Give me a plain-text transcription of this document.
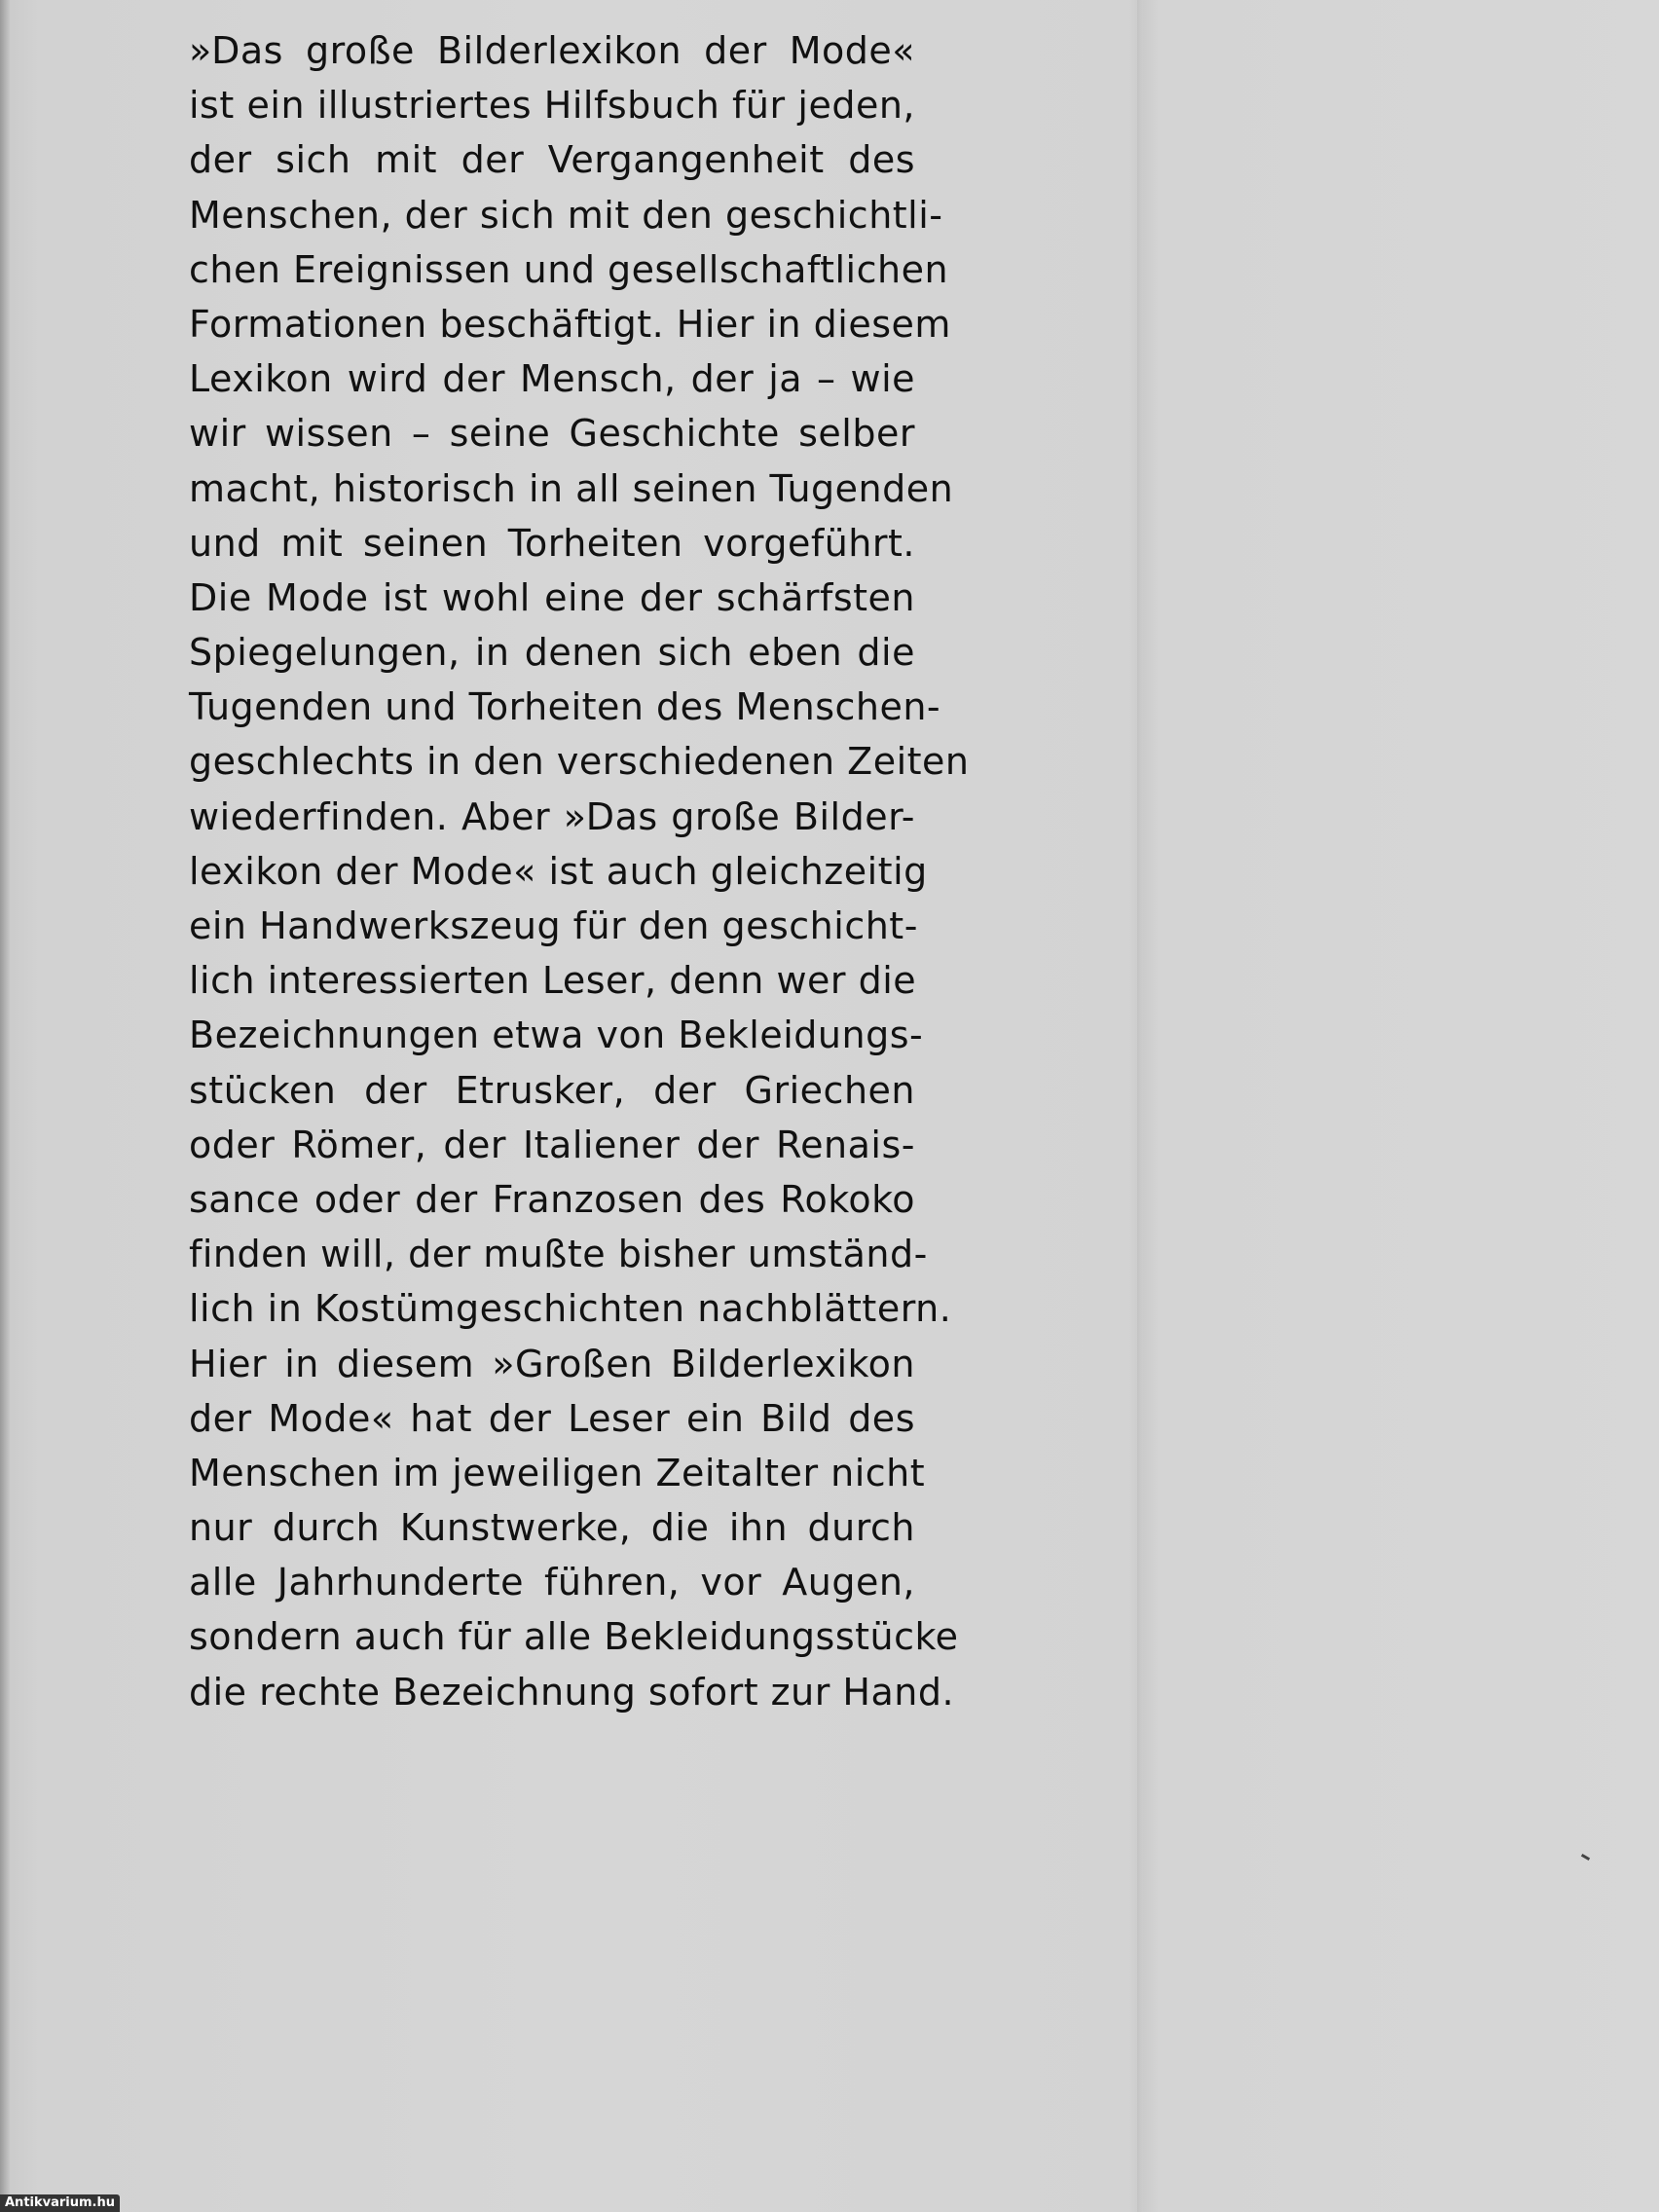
»Das große Bilderlexikon der Mode«
ist ein illustriertes Hilfsbuch für jeden,
der sich mit der Vergangenheit des
Menschen, der sich mit den geschichtli-
chen Ereignissen und gesellschaftlichen
Formationen beschäftigt. Hier in diesem
Lexikon wird der Mensch, der ja – wie
wir wissen – seine Geschichte selber
macht, historisch in all seinen Tugenden
und mit seinen Torheiten vorgeführt.
Die Mode ist wohl eine der schärfsten
Spiegelungen, in denen sich eben die
Tugenden und Torheiten des Menschen-
geschlechts in den verschiedenen Zeiten
wiederfinden. Aber »Das große Bilder-
lexikon der Mode« ist auch gleichzeitig
ein Handwerkszeug für den geschicht-
lich interessierten Leser, denn wer die
Bezeichnungen etwa von Bekleidungs-
stücken der Etrusker, der Griechen
oder Römer, der Italiener der Renais-
sance oder der Franzosen des Rokoko
finden will, der mußte bisher umständ-
lich in Kostümgeschichten nachblättern.
Hier in diesem »Großen Bilderlexikon
der Mode« hat der Leser ein Bild des
Menschen im jeweiligen Zeitalter nicht
nur durch Kunstwerke, die ihn durch
alle Jahrhunderte führen, vor Augen,
sondern auch für alle Bekleidungsstücke
die rechte Bezeichnung sofort zur Hand.
Antikvarium.hu
